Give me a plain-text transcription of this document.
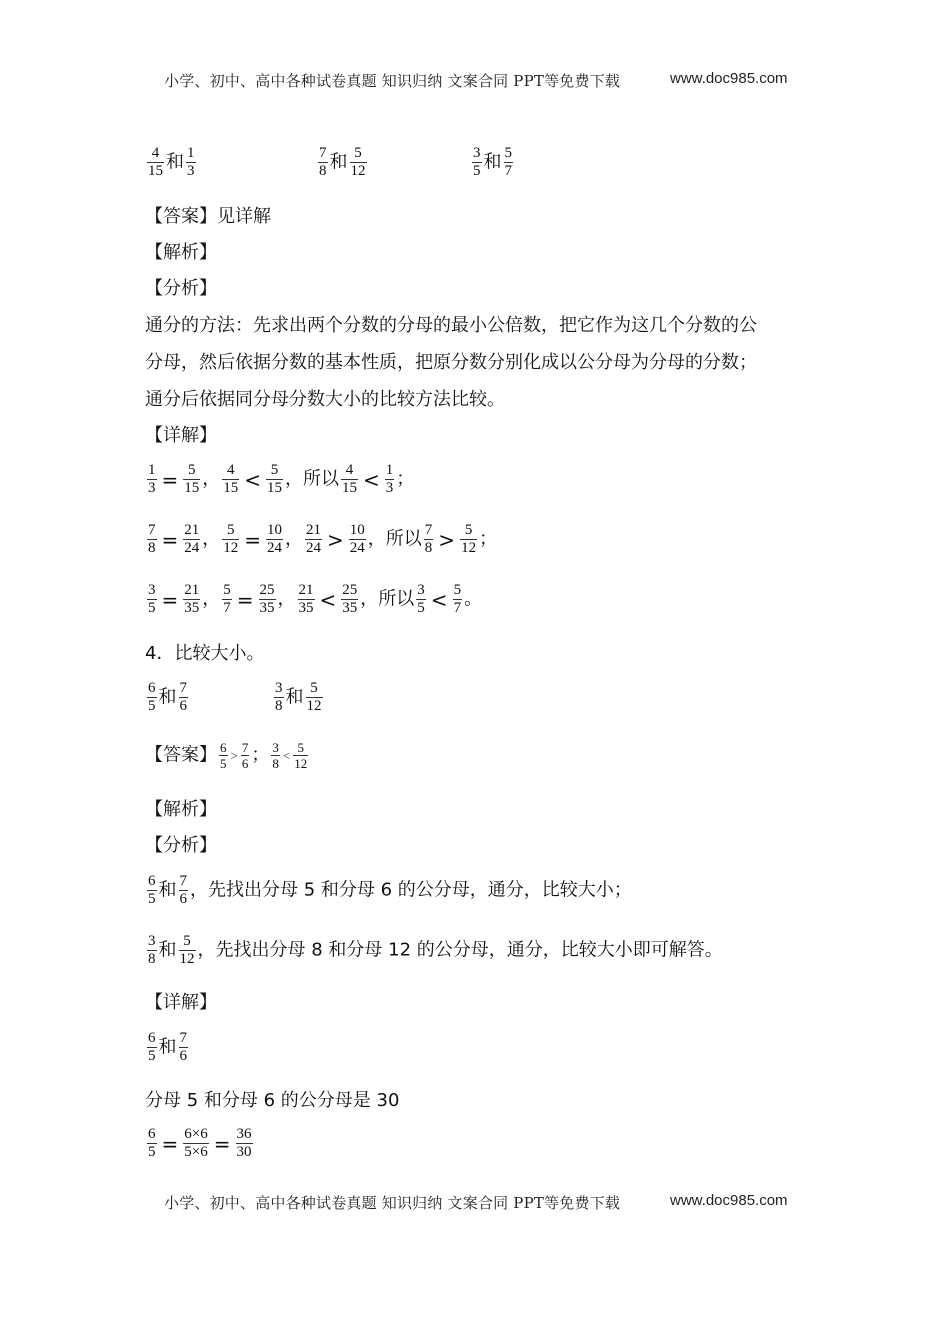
小学、初中、高中各种试卷真题 知识归纳 文案合同 PPT等免费下载	www.doc985.com
$\frac{4}{15}$ 和 $\frac{1}{3}$	$\frac{7}{8}$ 和 $\frac{5}{12}$	$\frac{3}{5}$ 和 $\frac{5}{7}$
【答案】见详解
【解析】
【分析】
通分的方法：先求出两个分数的分母的最小公倍数，把它作为这几个分数的公
分母，然后依据分数的基本性质，把原分数分别化成以公分母为分母的分数；
通分后依据同分母分数大小的比较方法比较。
【详解】
$\frac{1}{3} = \frac{5}{15}$ ， $\frac{4}{15} < \frac{5}{15}$ ，所以 $\frac{4}{15} < \frac{1}{3}$ ；
$\frac{7}{8} = \frac{21}{24}$ ， $\frac{5}{12} = \frac{10}{24}$ ， $\frac{21}{24} > \frac{10}{24}$ ，所以 $\frac{7}{8} > \frac{5}{12}$ ；
$\frac{3}{5} = \frac{21}{35}$ ， $\frac{5}{7} = \frac{25}{35}$ ， $\frac{21}{35} < \frac{25}{35}$ ，所以 $\frac{3}{5} < \frac{5}{7}$ 。
4．比较大小。
$\frac{6}{5}$ 和 $\frac{7}{6}$	$\frac{3}{8}$ 和 $\frac{5}{12}$
【答案】 $\frac{6}{5} > \frac{7}{6}$ ； $\frac{3}{8} < \frac{5}{12}$
【解析】
【分析】
$\frac{6}{5}$ 和 $\frac{7}{6}$ ，先找出分母 5 和分母 6 的公分母，通分，比较大小；
$\frac{3}{8}$ 和 $\frac{5}{12}$ ，先找出分母 8 和分母 12 的公分母，通分，比较大小即可解答。
【详解】
$\frac{6}{5}$ 和 $\frac{7}{6}$
分母 5 和分母 6 的公分母是 30
$\frac{6}{5} = \frac{6\times 6}{5\times 6} = \frac{36}{30}$
小学、初中、高中各种试卷真题 知识归纳 文案合同 PPT等免费下载	www.doc985.com
